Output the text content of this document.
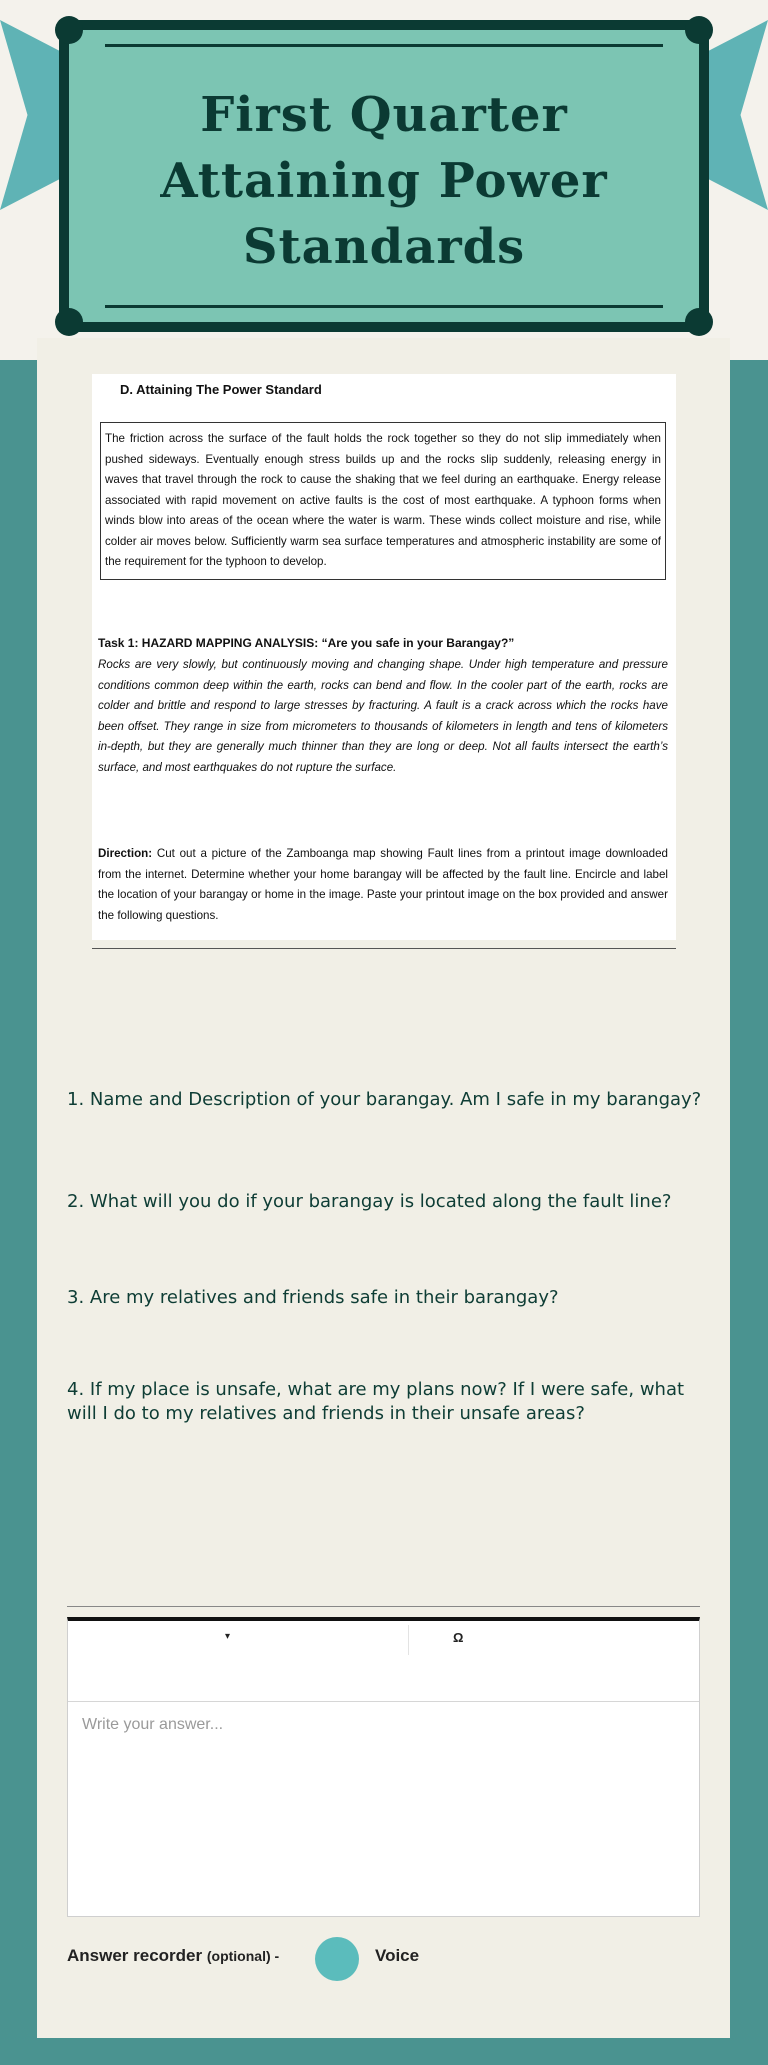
First Quarter
Attaining Power
Standards
D. Attaining The Power Standard
The friction across the surface of the fault holds the rock together so they do not slip immediately when pushed sideways. Eventually enough stress builds up and the rocks slip suddenly, releasing energy in waves that travel through the rock to cause the shaking that we feel during an earthquake. Energy release associated with rapid movement on active faults is the cost of most earthquake. A typhoon forms when winds blow into areas of the ocean where the water is warm. These winds collect moisture and rise, while colder air moves below. Sufficiently warm sea surface temperatures and atmospheric instability are some of the requirement for the typhoon to develop.
Task 1: HAZARD MAPPING ANALYSIS: “Are you safe in your Barangay?”
Rocks are very slowly, but continuously moving and changing shape. Under high temperature and pressure conditions common deep within the earth, rocks can bend and flow. In the cooler part of the earth, rocks are colder and brittle and respond to large stresses by fracturing. A fault is a crack across which the rocks have been offset. They range in size from micrometers to thousands of kilometers in length and tens of kilometers in-depth, but they are generally much thinner than they are long or deep. Not all faults intersect the earth’s surface, and most earthquakes do not rupture the surface.
Direction: Cut out a picture of the Zamboanga map showing Fault lines from a printout image downloaded from the internet. Determine whether your home barangay will be affected by the fault line. Encircle and label the location of your barangay or home in the image. Paste your printout image on the box provided and answer the following questions.
1. Name and Description of your barangay. Am I safe in my barangay?
2. What will you do if your barangay is located along the fault line?
3. Are my relatives and friends safe in their barangay?
4. If my place is unsafe, what are my plans now? If I were safe, what will I do to my relatives and friends in their unsafe areas?
▾	Ω
Write your answer...
Answer recorder (optional) -	Voice
